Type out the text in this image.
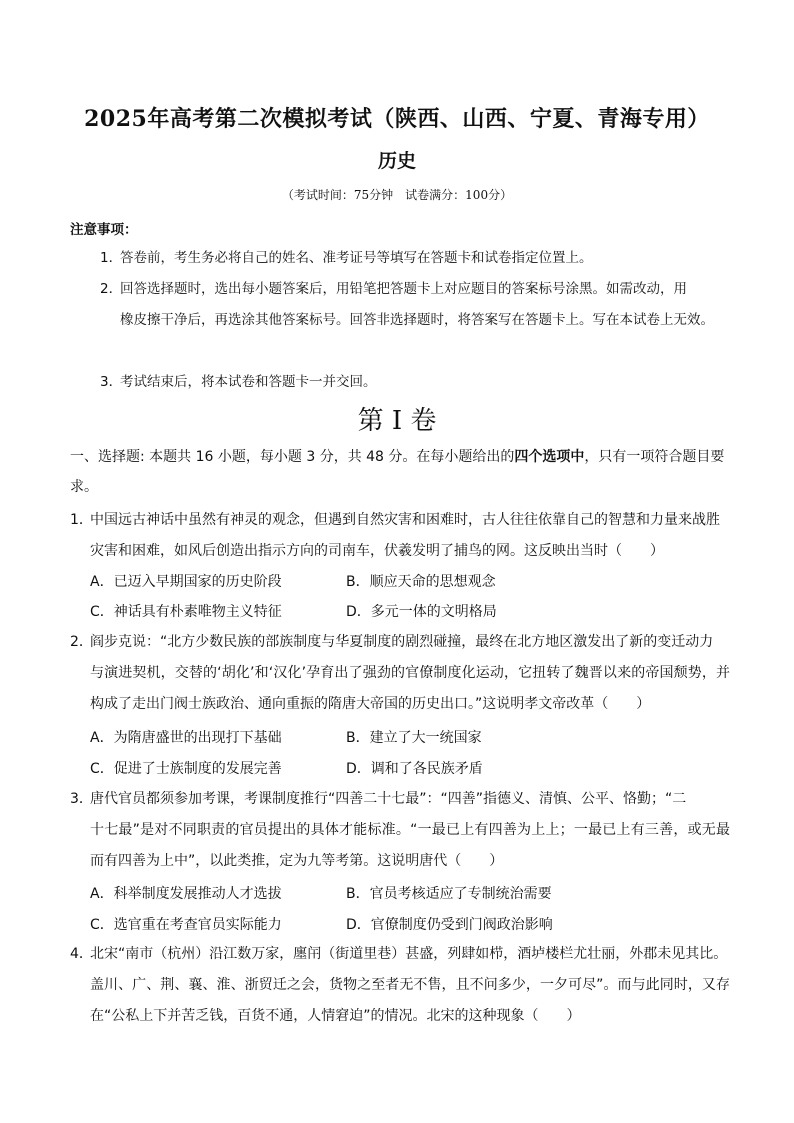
2025年高考第二次模拟考试（陕西、山西、宁夏、青海专用）
历史
（考试时间：75分钟　试卷满分：100分）
注意事项：
1．答卷前，考生务必将自己的姓名、准考证号等填写在答题卡和试卷指定位置上。
2．回答选择题时，选出每小题答案后，用铅笔把答题卡上对应题目的答案标号涂黑。如需改动，用
橡皮擦干净后，再选涂其他答案标号。回答非选择题时，将答案写在答题卡上。写在本试卷上无效。
3．考试结束后，将本试卷和答题卡一并交回。
第 I 卷
一、选择题: 本题共 16 小题，每小题 3 分，共 48 分。在每小题给出的四个选项中，只有一项符合题目要求。
1．中国远古神话中虽然有神灵的观念，但遇到自然灾害和困难时，古人往往依靠自己的智慧和力量来战胜
灾害和困难，如风后创造出指示方向的司南车，伏羲发明了捕鸟的网。这反映出当时（　　）
A．已迈入早期国家的历史阶段	B．顺应天命的思想观念
C．神话具有朴素唯物主义特征	D．多元一体的文明格局
2．阎步克说：“北方少数民族的部族制度与华夏制度的剧烈碰撞，最终在北方地区激发出了新的变迁动力
与演进契机，交替的‘胡化’和‘汉化’孕育出了强劲的官僚制度化运动，它扭转了魏晋以来的帝国颓势，并构成了走出门阀士族政治、通向重振的隋唐大帝国的历史出口。”这说明孝文帝改革（　　）
A．为隋唐盛世的出现打下基础	B．建立了大一统国家
C．促进了士族制度的发展完善	D．调和了各民族矛盾
3．唐代官员都须参加考课，考课制度推行“四善二十七最”：“四善”指德义、清慎、公平、恪勤；“二
十七最”是对不同职责的官员提出的具体才能标准。“一最已上有四善为上上；一最已上有三善，或无最而有四善为上中”，以此类推，定为九等考第。这说明唐代（　　）
A．科举制度发展推动人才选拔	B．官员考核适应了专制统治需要
C．选官重在考查官员实际能力	D．官僚制度仍受到门阀政治影响
4．北宋“南市（杭州）沿江数万家，廛闬（街道里巷）甚盛，列肆如栉，酒垆楼栏尤壮丽，外郡未见其比。
盖川、广、荆、襄、淮、浙贸迁之会，货物之至者无不售，且不问多少，一夕可尽”。而与此同时，又存在“公私上下并苦乏钱，百货不通，人情窘迫”的情况。北宋的这种现象（　　）
